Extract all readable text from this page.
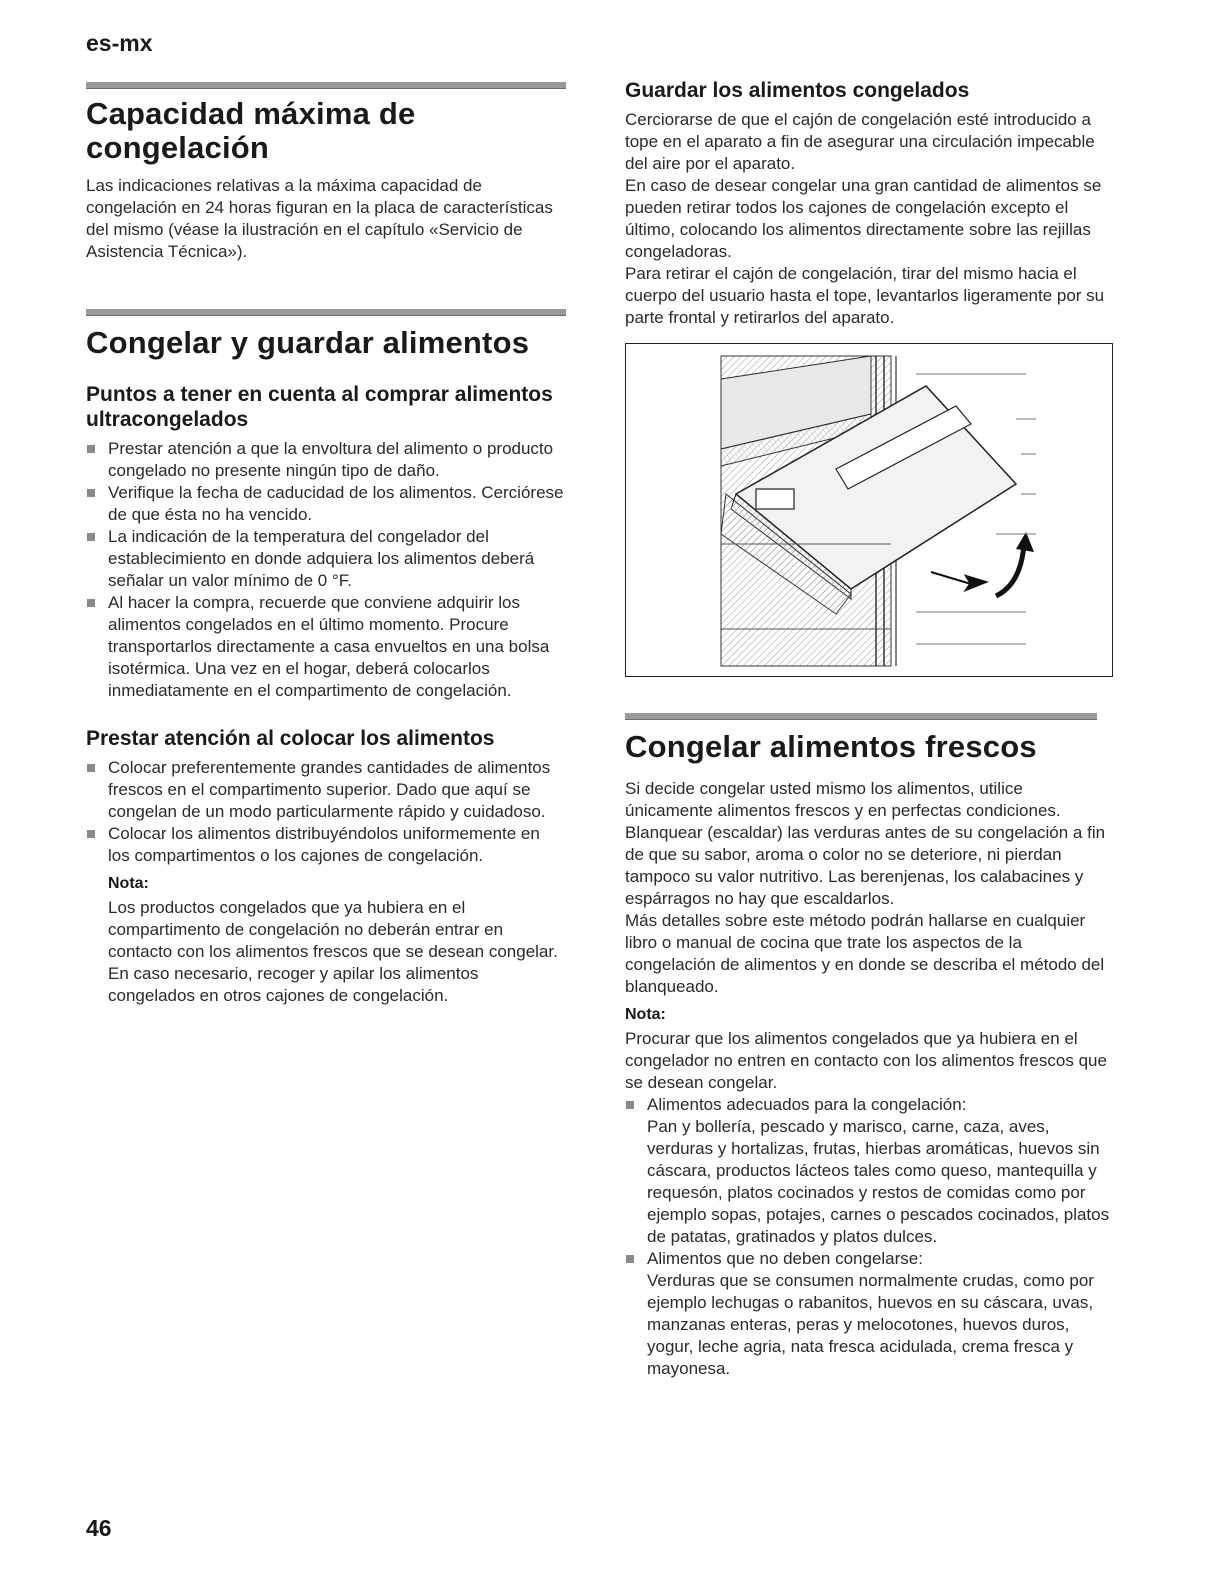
es-mx
Capacidad máxima de congelación

Las indicaciones relativas a la máxima capacidad de congelación en 24 horas figuran en la placa de características del mismo (véase la ilustración en el capítulo «Servicio de Asistencia Técnica»).

Congelar y guardar alimentos
Puntos a tener en cuenta al comprar alimentos ultracongelados
Prestar atención a que la envoltura del alimento o producto congelado no presente ningún tipo de daño.
Verifique la fecha de caducidad de los alimentos. Cerciórese de que ésta no ha vencido.
La indicación de la temperatura del congelador del establecimiento en donde adquiera los alimentos deberá señalar un valor mínimo de 0 °F.
Al hacer la compra, recuerde que conviene adquirir los alimentos congelados en el último momento. Procure transportarlos directamente a casa envueltos en una bolsa isotérmica. Una vez en el hogar, deberá colocarlos inmediatamente en el compartimento de congelación.
Prestar atención al colocar los alimentos
Colocar preferentemente grandes cantidades de alimentos frescos en el compartimento superior. Dado que aquí se congelan de un modo particularmente rápido y cuidadoso.
Colocar los alimentos distribuyéndolos uniformemente en los compartimentos o los cajones de congelación.
Nota:

Los productos congelados que ya hubiera en el compartimento de congelación no deberán entrar en contacto con los alimentos frescos que se desean congelar. En caso necesario, recoger y apilar los alimentos congelados en otros cajones de congelación.

Guardar los alimentos congelados

Cerciorarse de que el cajón de congelación esté introducido a tope en el aparato a fin de asegurar una circulación impecable del aire por el aparato.

En caso de desear congelar una gran cantidad de alimentos se pueden retirar todos los cajones de congelación excepto el último, colocando los alimentos directamente sobre las rejillas congeladoras.

Para retirar el cajón de congelación, tirar del mismo hacia el cuerpo del usuario hasta el tope, levantarlos ligeramente por su parte frontal y retirarlos del aparato.

Congelar alimentos frescos

Si decide congelar usted mismo los alimentos, utilice únicamente alimentos frescos y en perfectas condiciones.

Blanquear (escaldar) las verduras antes de su congelación a fin de que su sabor, aroma o color no se deteriore, ni pierdan tampoco su valor nutritivo. Las berenjenas, los calabacines y espárragos no hay que escaldarlos.

Más detalles sobre este método podrán hallarse en cualquier libro o manual de cocina que trate los aspectos de la congelación de alimentos y en donde se describa el método del blanqueado.

Nota:

Procurar que los alimentos congelados que ya hubiera en el congelador no entren en contacto con los alimentos frescos que se desean congelar.

Alimentos adecuados para la congelación:
Pan y bollería, pescado y marisco, carne, caza, aves, verduras y hortalizas, frutas, hierbas aromáticas, huevos sin cáscara, productos lácteos tales como queso, mantequilla y requesón, platos cocinados y restos de comidas como por ejemplo sopas, potajes, carnes o pescados cocinados, platos de patatas, gratinados y platos dulces.
Alimentos que no deben congelarse:
Verduras que se consumen normalmente crudas, como por ejemplo lechugas o rabanitos, huevos en su cáscara, uvas, manzanas enteras, peras y melocotones, huevos duros, yogur, leche agria, nata fresca acidulada, crema fresca y mayonesa.
46
